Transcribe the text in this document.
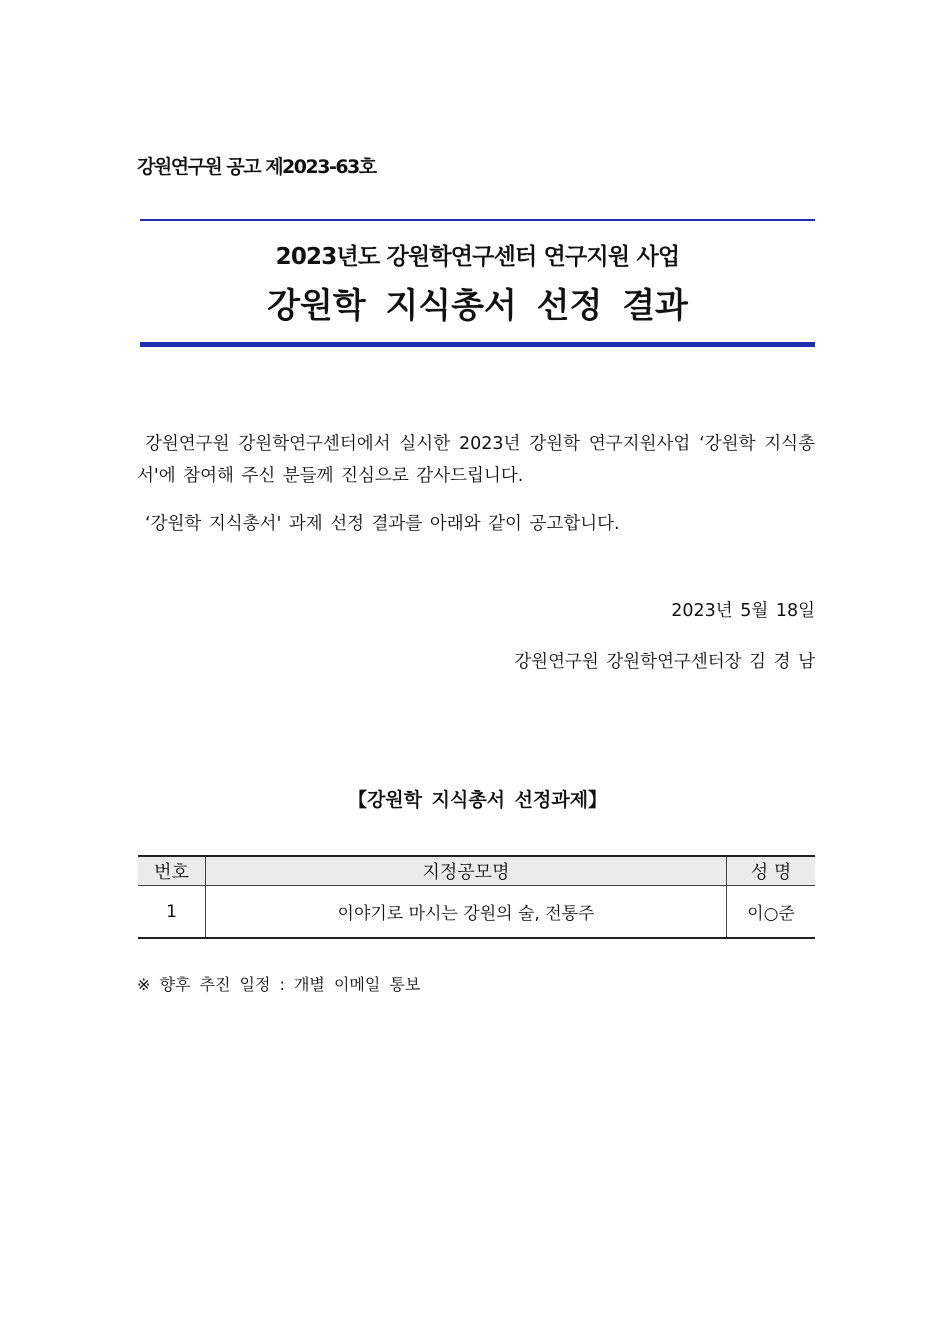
강원연구원 공고 제2023-63호
2023년도 강원학연구센터 연구지원 사업
강원학 지식총서 선정 결과
강원연구원 강원학연구센터에서 실시한 2023년 강원학 연구지원사업 ‘강원학 지식총서'에 참여해 주신 분들께 진심으로 감사드립니다.
‘강원학 지식총서' 과제 선정 결과를 아래와 같이 공고합니다.
2023년 5월 18일
강원연구원 강원학연구센터장 김 경 남
【강원학 지식총서 선정과제】
번호	지정공모명	성 명
1	이야기로 마시는 강원의 술, 전통주	이○준
※ 향후 추진 일정 : 개별 이메일 통보
